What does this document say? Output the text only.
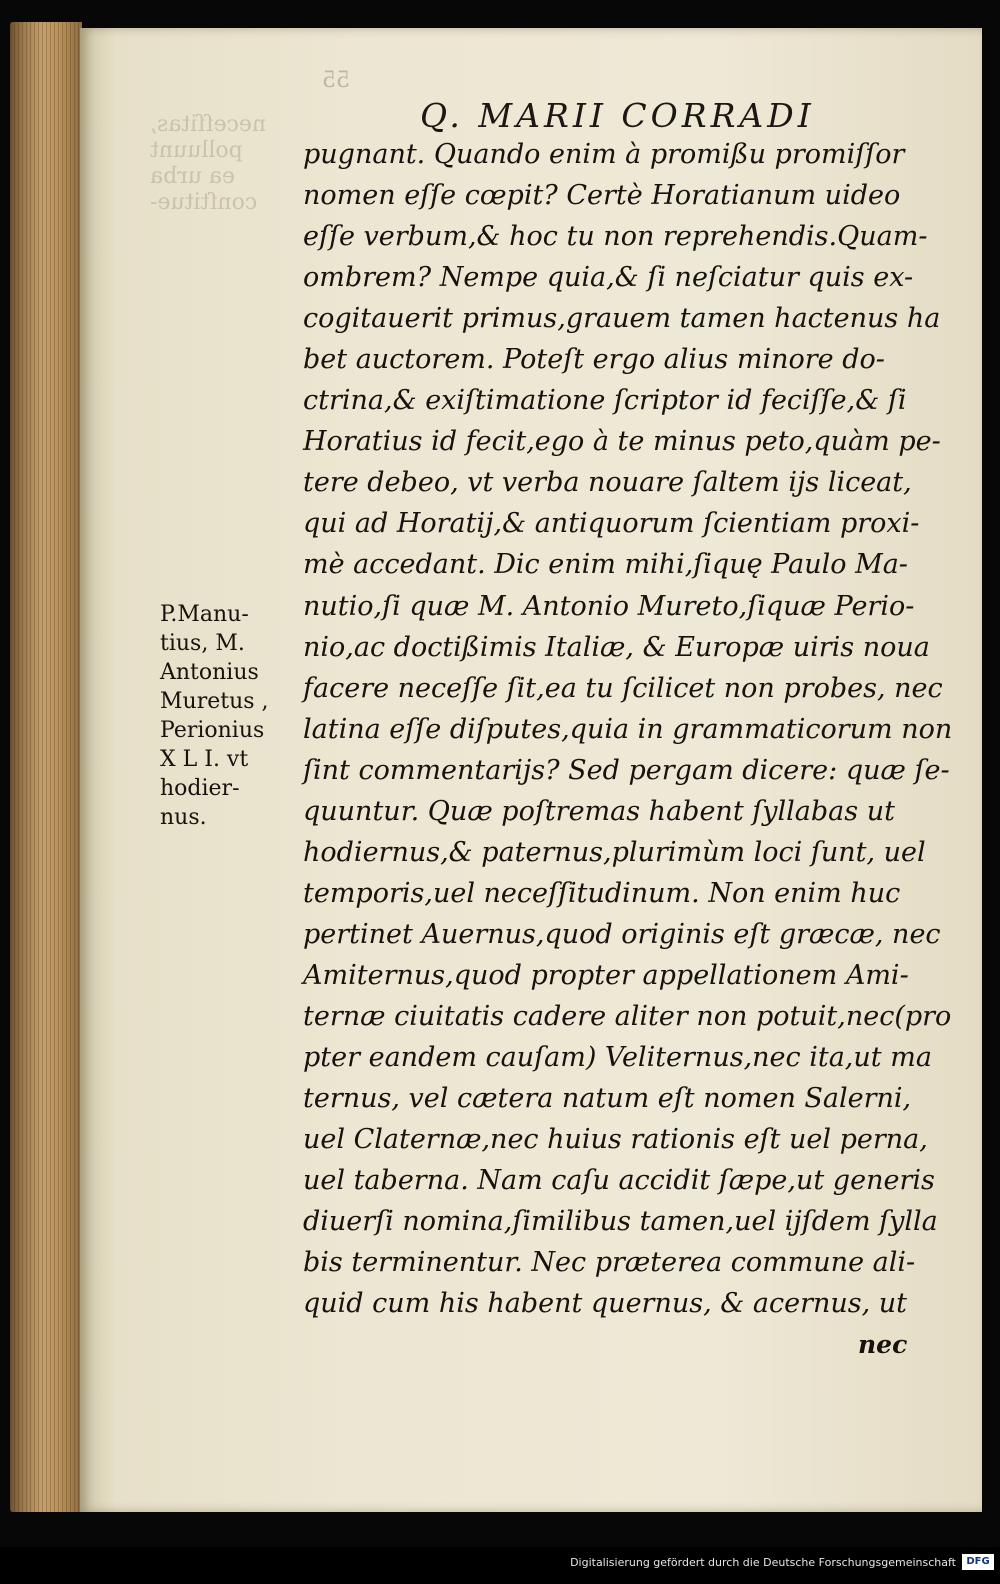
neceſſitas,
polluunt
ea urba
conſtitue-
55
Q. MARII CORRADI
pugnant. Quando enim à promißu promiſſor
nomen eſſe cœpit? Certè Horatianum uideo
eſſe verbum,& hoc tu non reprehendis.Quam-
ombrem? Nempe quia,& ſi neſciatur quis ex-
cogitauerit primus,grauem tamen hactenus ha
bet auctorem. Poteſt ergo alius minore do-
ctrina,& exiſtimatione ſcriptor id feciſſe,& ſi
Horatius id fecit,ego à te minus peto,quàm pe-
tere debeo, vt verba nouare ſaltem ijs liceat,
qui ad Horatij,& antiquorum ſcientiam proxi-
mè accedant. Dic enim mihi,ſiquę Paulo Ma-
nutio,ſi quæ M. Antonio Mureto,ſiquæ Perio-
nio,ac doctißimis Italiæ, & Europæ uiris noua
facere neceſſe ſit,ea tu ſcilicet non probes, nec
latina eſſe diſputes,quia in grammaticorum non
ſint commentarijs? Sed pergam dicere: quæ ſe-
quuntur. Quæ poſtremas habent ſyllabas ut
hodiernus,& paternus,plurimùm loci ſunt, uel
temporis,uel neceſſitudinum. Non enim huc
pertinet Auernus,quod originis eſt græcæ, nec
Amiternus,quod propter appellationem Ami-
ternæ ciuitatis cadere aliter non potuit,nec(pro
pter eandem cauſam) Veliternus,nec ita,ut ma
ternus, vel cætera natum eſt nomen Salerni,
uel Claternæ,nec huius rationis eſt uel perna,
uel taberna. Nam caſu accidit ſæpe,ut generis
diuerſi nomina,ſimilibus tamen,uel ijſdem ſylla
bis terminentur. Nec præterea commune ali-
quid cum his habent quernus, & acernus, ut
P.Manu-
tius, M.
Antonius
Muretus ,
Perionius
X L I. vt
hodier-
nus.
nec
Digitalisierung gefördert durch die Deutsche Forschungsgemeinschaft	DFG
